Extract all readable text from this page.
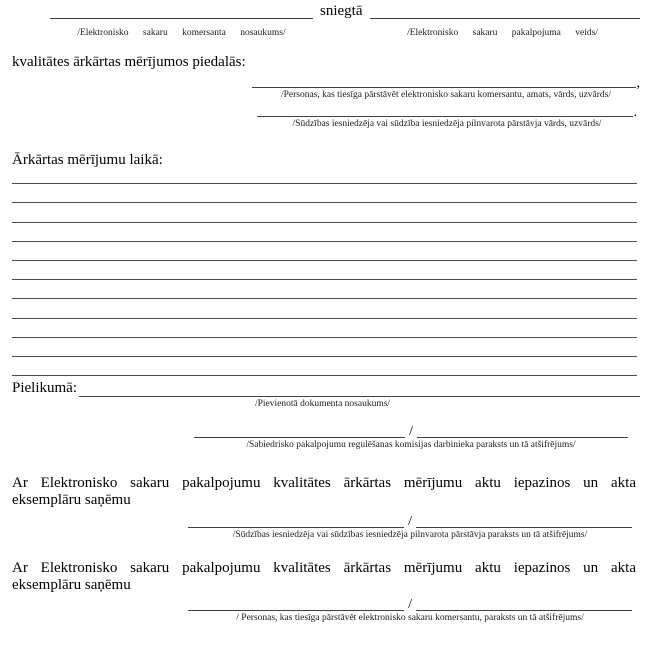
sniegtā
/Elektronisko sakaru komersanta nosaukums/	/Elektronisko sakaru pakalpojuma veids/
kvalitātes ārkārtas mērījumos piedalās:
,
/Personas, kas tiesīga pārstāvēt elektronisko sakaru komersantu, amats, vārds, uzvārds/
.
/Sūdzības iesniedzēja vai sūdzība iesniedzēja pilnvarota pārstāvja vārds, uzvārds/
Ārkārtas mērījumu laikā:
Pielikumā:
/Pievienotā dokumenta nosaukums/
/
/Sabiedrisko pakalpojumu regulēšanas komisijas darbinieka paraksts un tā atšifrējums/
Ar Elektronisko sakaru pakalpojumu kvalitātes ārkārtas mērījumu aktu iepazinos un akta
eksemplāru saņēmu
/
/Sūdzības iesniedzēja vai sūdzības iesniedzēja pilnvarota pārstāvja paraksts un tā atšifrējums/
Ar Elektronisko sakaru pakalpojumu kvalitātes ārkārtas mērījumu aktu iepazinos un akta
eksemplāru saņēmu
/
/ Personas, kas tiesīga pārstāvēt elektronisko sakaru komersantu, paraksts un tā atšifrējums/
